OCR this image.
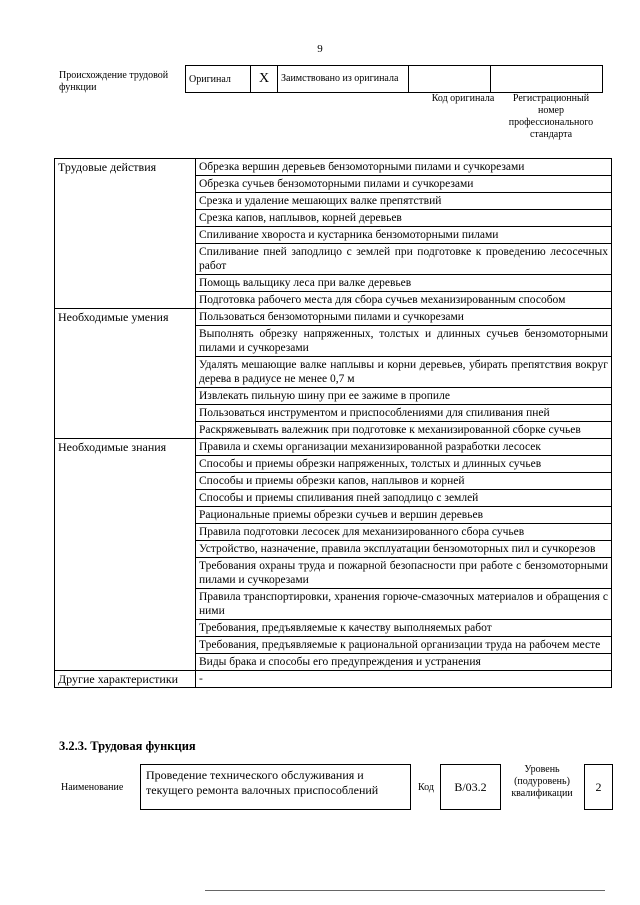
9
Происхождение трудовой функции
Оригинал	X	Заимствовано из оригинала		
Код оригинала	Регистрационный номер профессионального стандарта
Трудовые действия	Обрезка вершин деревьев бензомоторными пилами и сучкорезами
	Обрезка сучьев бензомоторными пилами и сучкорезами
	Срезка и удаление мешающих валке препятствий
	Срезка капов, наплывов, корней деревьев
	Спиливание хвороста и кустарника бензомоторными пилами
	Спиливание пней заподлицо с землей при подготовке к проведению лесосечных работ
	Помощь вальщику леса при валке деревьев
	Подготовка рабочего места для сбора сучьев механизированным способом
Необходимые умения	Пользоваться бензомоторными пилами и сучкорезами
	Выполнять обрезку напряженных, толстых и длинных сучьев бензомоторными пилами и сучкорезами
	Удалять мешающие валке наплывы и корни деревьев, убирать препятствия вокруг дерева в радиусе не менее 0,7 м
	Извлекать пильную шину при ее зажиме в пропиле
	Пользоваться инструментом и приспособлениями для спиливания пней
	Раскряжевывать валежник при подготовке к механизированной сборке сучьев
Необходимые знания	Правила и схемы организации механизированной разработки лесосек
	Способы и приемы обрезки напряженных, толстых и длинных сучьев
	Способы и приемы обрезки капов, наплывов и корней
	Способы и приемы спиливания пней заподлицо с землей
	Рациональные приемы обрезки сучьев и вершин деревьев
	Правила подготовки лесосек для механизированного сбора сучьев
	Устройство, назначение, правила эксплуатации бензомоторных пил и сучкорезов
	Требования охраны труда и пожарной безопасности при работе с бензомоторными пилами и сучкорезами
	Правила транспортировки, хранения горюче-смазочных материалов и обращения с ними
	Требования, предъявляемые к качеству выполняемых работ
	Требования, предъявляемые к рациональной организации труда на рабочем месте
	Виды брака и способы его предупреждения и устранения
Другие характеристики	-
3.2.3. Трудовая функция
Наименование
Проведение технического обслуживания и текущего ремонта валочных приспособлений	Код	B/03.2
Уровень (подуровень) квалификации	2
